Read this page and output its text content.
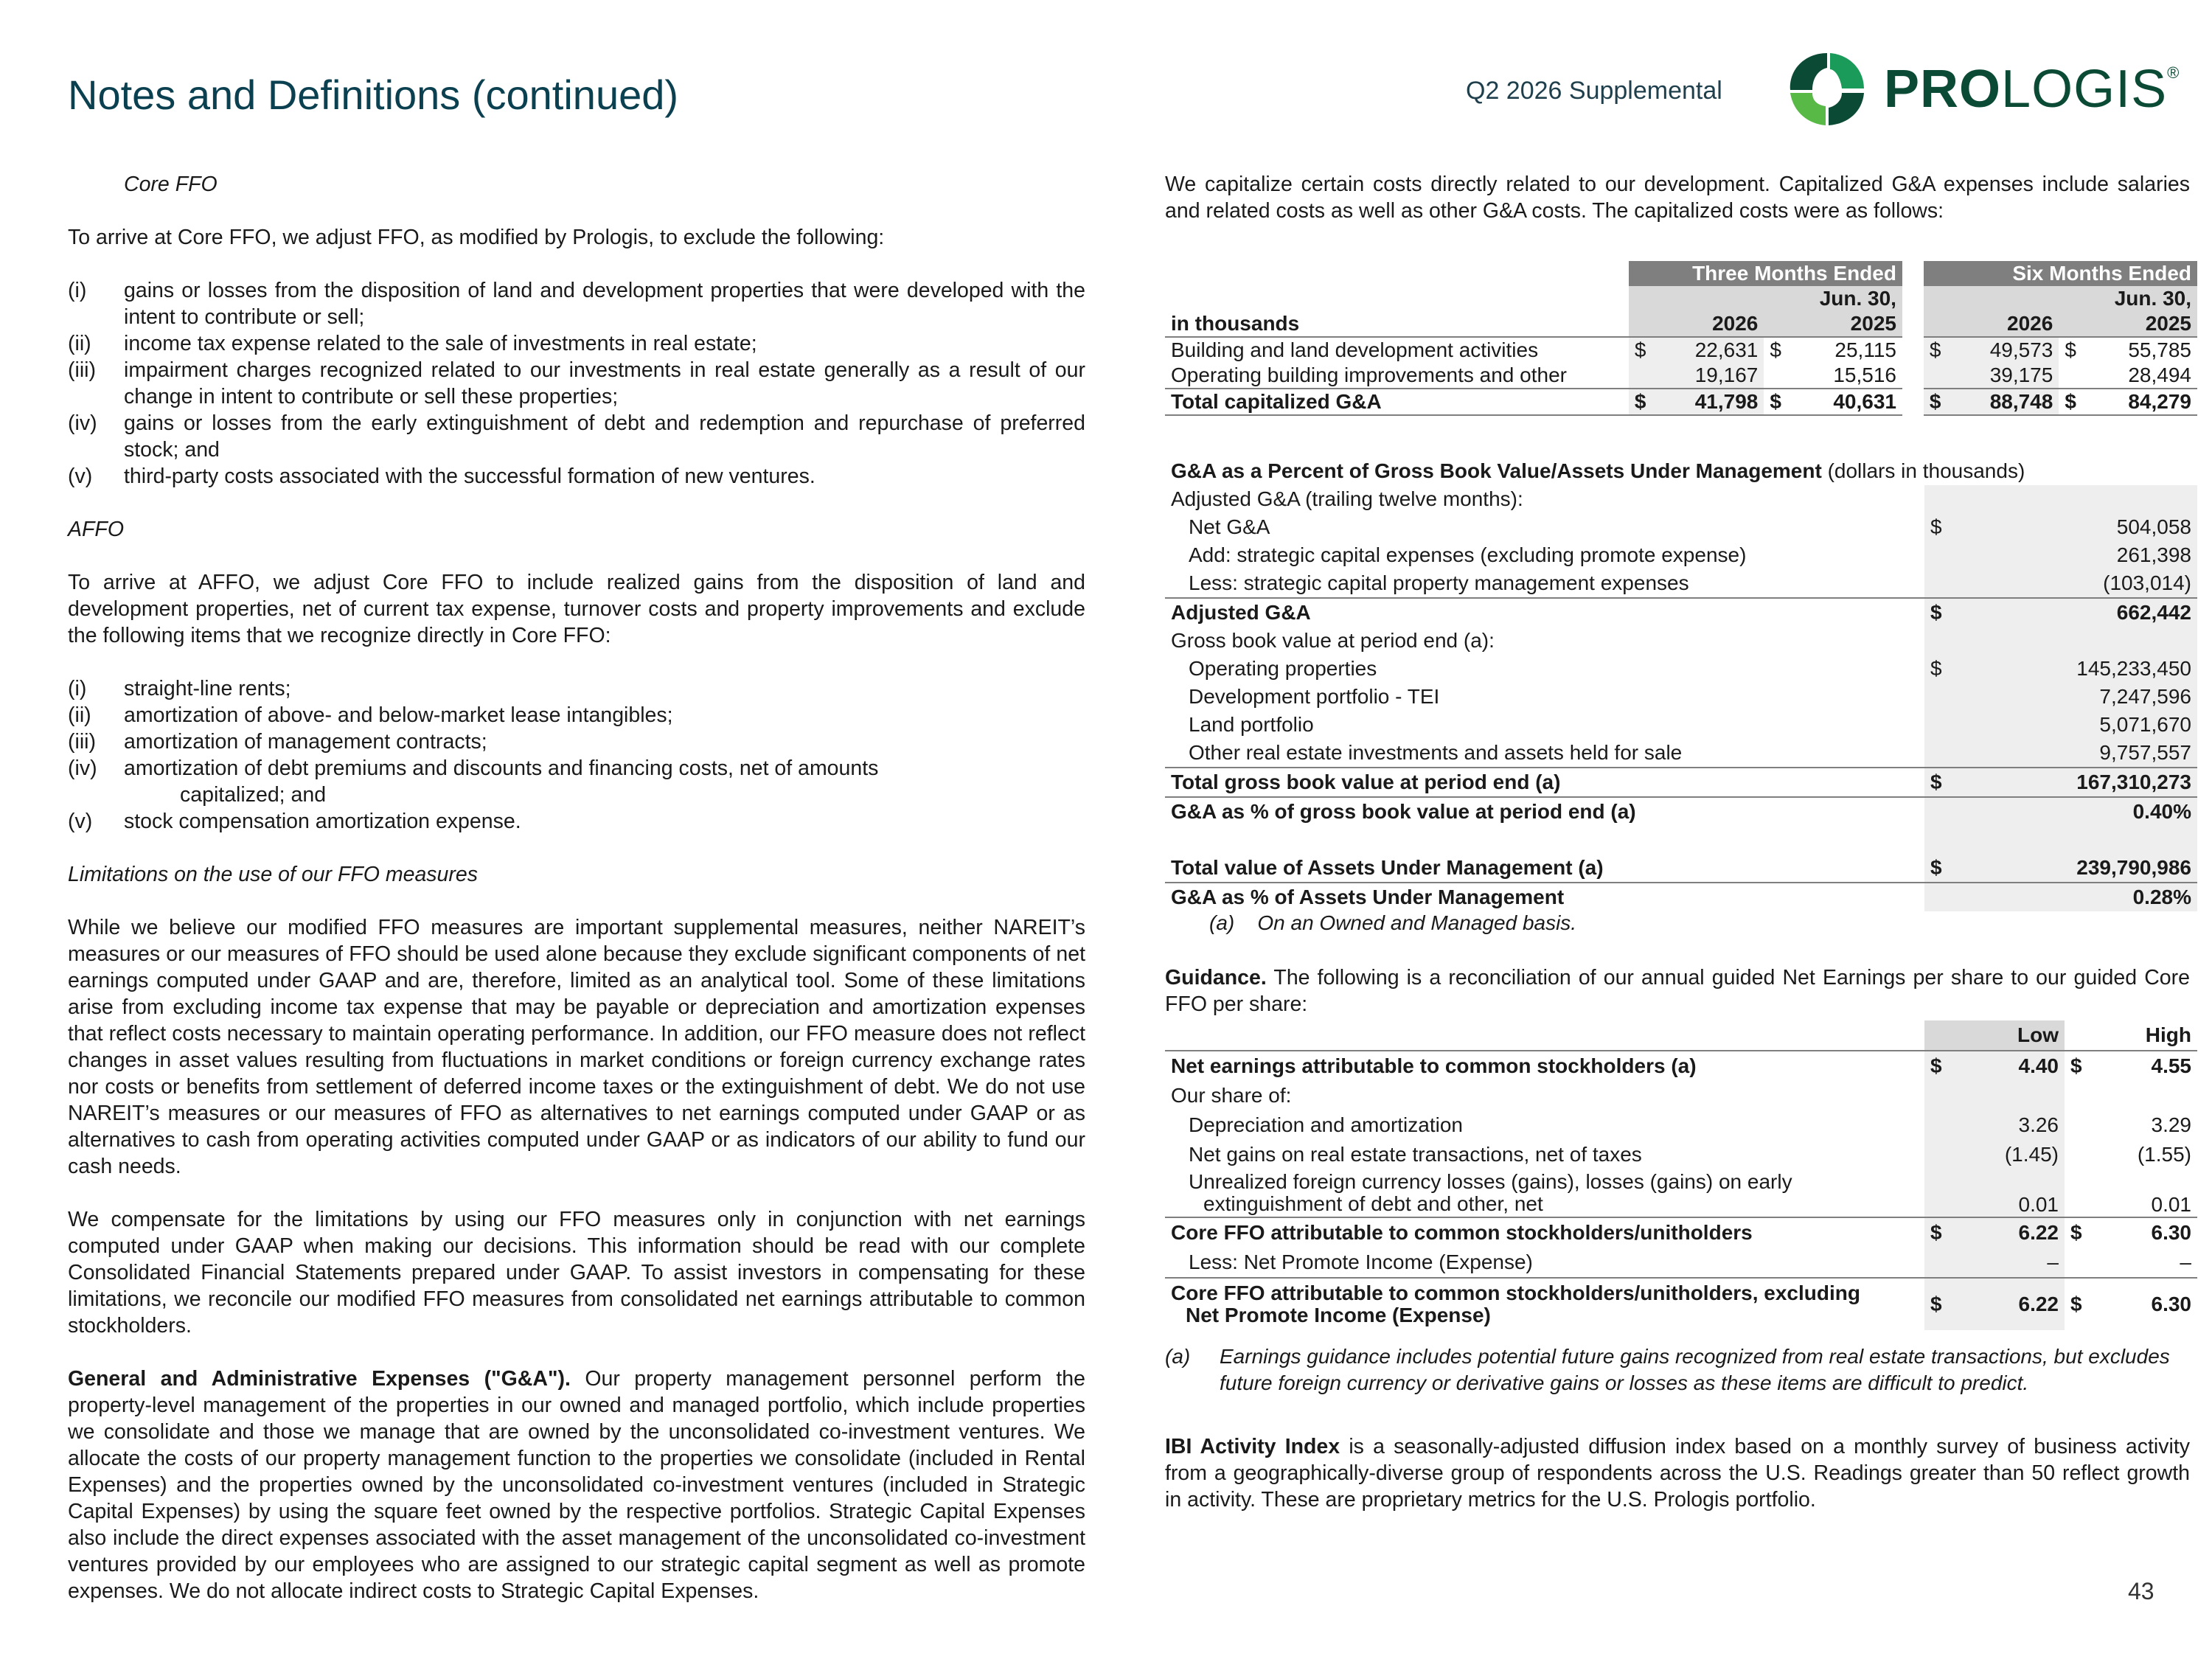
Notes and Definitions (continued)	Q2 2026 Supplemental	PROLOGIS®

Core FFO

To arrive at Core FFO, we adjust FFO, as modified by Prologis, to exclude the following:

(i)	gains or losses from the disposition of land and development properties that were developed with the intent to contribute or sell;
(ii)	income tax expense related to the sale of investments in real estate;
(iii)	impairment charges recognized related to our investments in real estate generally as a result of our change in intent to contribute or sell these properties;
(iv)	gains or losses from the early extinguishment of debt and redemption and repurchase of preferred stock; and
(v)	third-party costs associated with the successful formation of new ventures.

AFFO

To arrive at AFFO, we adjust Core FFO to include realized gains from the disposition of land and development properties, net of current tax expense, turnover costs and property improvements and exclude the following items that we recognize directly in Core FFO:

(i)	straight-line rents;
(ii)	amortization of above- and below-market lease intangibles;
(iii)	amortization of management contracts;
(iv)	amortization of debt premiums and discounts and financing costs, net of amounts
capitalized; and
(v)	stock compensation amortization expense.

Limitations on the use of our FFO measures

While we believe our modified FFO measures are important supplemental measures, neither NAREIT’s measures or our measures of FFO should be used alone because they exclude significant components of net earnings computed under GAAP and are, therefore, limited as an analytical tool. Some of these limitations arise from excluding income tax expense that may be payable or depreciation and amortization expenses that reflect costs necessary to maintain operating performance. In addition, our FFO measure does not reflect changes in asset values resulting from fluctuations in market conditions or foreign currency exchange rates nor costs or benefits from settlement of deferred income taxes or the extinguishment of debt. We do not use NAREIT’s measures or our measures of FFO as alternatives to net earnings computed under GAAP or as alternatives to cash from operating activities computed under GAAP or as indicators of our ability to fund our cash needs.

We compensate for the limitations by using our FFO measures only in conjunction with net earnings computed under GAAP when making our decisions. This information should be read with our complete Consolidated Financial Statements prepared under GAAP. To assist investors in compensating for these limitations, we reconcile our modified FFO measures from consolidated net earnings attributable to common stockholders.

General and Administrative Expenses ("G&A"). Our property management personnel perform the property-level management of the properties in our owned and managed portfolio, which include properties we consolidate and those we manage that are owned by the unconsolidated co-investment ventures. We allocate the costs of our property management function to the properties we consolidate (included in Rental Expenses) and the properties owned by the unconsolidated co-investment ventures (included in Strategic Capital Expenses) by using the square feet owned by the respective portfolios. Strategic Capital Expenses also include the direct expenses associated with the asset management of the unconsolidated co-investment ventures provided by our employees who are assigned to our strategic capital segment as well as promote expenses. We do not allocate indirect costs to Strategic Capital Expenses.

We capitalize certain costs directly related to our development. Capitalized G&A expenses include salaries and related costs as well as other G&A costs. The capitalized costs were as follows:

	Three Months Ended					Six Months Ended			
	Jun. 30,					Jun. 30,			
in thousands		2026		2025			2026		2025
Building and land development activities	$	22,631	$	25,115		$	49,573	$	55,785
Operating building improvements and other		19,167		15,516			39,175		28,494
Total capitalized G&A	$	41,798	$	40,631		$	88,748	$	84,279
G&A as a Percent of Gross Book Value/Assets Under Management (dollars in thousands)		
Adjusted G&A (trailing twelve months):		
Net G&A	$	504,058
Add: strategic capital expenses (excluding promote expense)		261,398
Less: strategic capital property management expenses		(103,014)
Adjusted G&A	$	662,442
Gross book value at period end (a):		
Operating properties	$	145,233,450
Development portfolio - TEI		7,247,596
Land portfolio		5,071,670
Other real estate investments and assets held for sale		9,757,557
Total gross book value at period end (a)	$	167,310,273
G&A as % of gross book value at period end (a)		0.40%

Total value of Assets Under Management (a)	$	239,790,986
G&A as % of Assets Under Management		0.28%
(a) On an Owned and Managed basis.		

Guidance. The following is a reconciliation of our annual guided Net Earnings per share to our guided Core FFO per share:

		Low		High
Net earnings attributable to common stockholders (a)	$	4.40	$	4.55
Our share of:				
Depreciation and amortization		3.26		3.29
Net gains on real estate transactions, net of taxes		(1.45)		(1.55)
Unrealized foreign currency losses (gains), losses (gains) on early
extinguishment of debt and other, net		0.01		0.01
Core FFO attributable to common stockholders/unitholders	$	6.22	$	6.30
Less: Net Promote Income (Expense)		–		–
Core FFO attributable to common stockholders/unitholders, excluding
Net Promote Income (Expense)	$	6.22	$	6.30
(a)	Earnings guidance includes potential future gains recognized from real estate transactions, but excludes future foreign currency or derivative gains or losses as these items are difficult to predict.

IBI Activity Index is a seasonally-adjusted diffusion index based on a monthly survey of business activity from a geographically-diverse group of respondents across the U.S. Readings greater than 50 reflect growth in activity. These are proprietary metrics for the U.S. Prologis portfolio.

43
